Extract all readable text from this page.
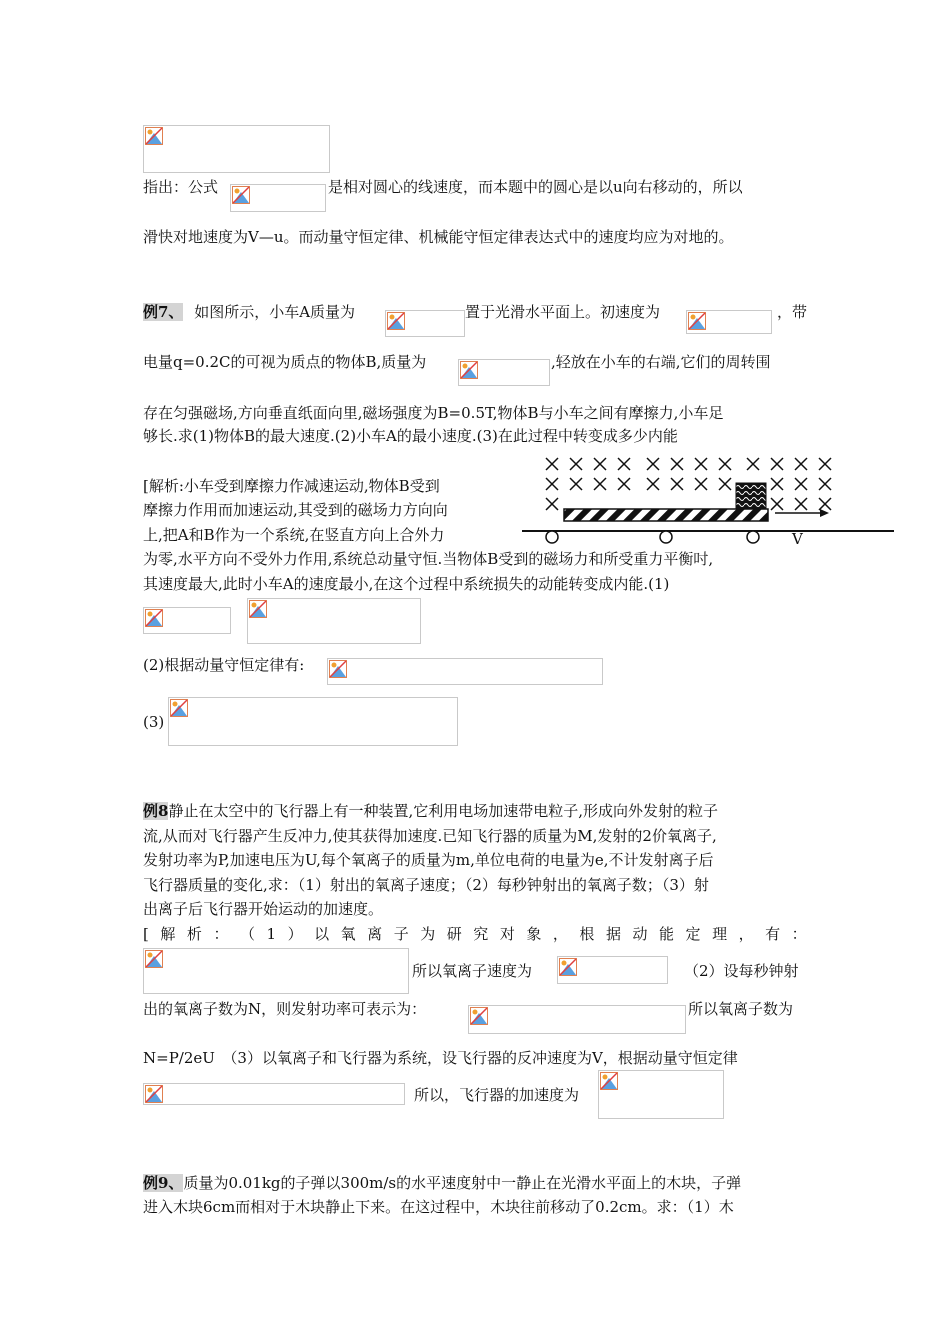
指出：公式	是相对圆心的线速度，而本题中的圆心是以u向右移动的，所以
滑快对地速度为V—u。而动量守恒定律、机械能守恒定律表达式中的速度均应为对地的。
例7、 如图所示，小车A质量为	置于光滑水平面上。初速度为	，带
电量q=0.2C的可视为质点的物体B,质量为	,轻放在小车的右端,它们的周转围
存在匀强磁场,方向垂直纸面向里,磁场强度为B=0.5T,物体B与小车之间有摩擦力,小车足
够长.求(1)物体B的最大速度.(2)小车A的最小速度.(3)在此过程中转变成多少内能
[解析:小车受到摩擦力作减速运动,物体B受到
摩擦力作用而加速运动,其受到的磁场力方向向
上,把A和B作为一个系统,在竖直方向上合外力
为零,水平方向不受外力作用,系统总动量守恒.当物体B受到的磁场力和所受重力平衡吋,
其速度最大,此时小车A的速度最小,在这个过程中系统损失的动能转变成内能.(1)
(2)根据动量守恒定律有:
(3)
V
例8静止在太空中的飞行器上有一种装置,它利用电场加速带电粒子,形成向外发射的粒子
流,从而对飞行器产生反冲力,使其获得加速度.已知飞行器的质量为M,发射的2价氧离子,
发射功率为P,加速电压为U,每个氧离子的质量为m,单位电荷的电量为e,不计发射离子后
飞行器质量的变化,求：（1）射出的氧离子速度；（2）每秒钟射出的氧离子数；（3）射
出离子后飞行器开始运动的加速度。
[ 解 析 ： （ 1 ） 以 氧 离 子 为 研 究 对 象 ， 根 据 动 能 定 理 ， 有 ：
所以氧离子速度为	（2）设每秒钟射
出的氧离子数为N，则发射功率可表示为：	所以氧离子数为
N=P/2eU　（3）以氧离子和飞行器为系统，设飞行器的反冲速度为V，根据动量守恒定律
所以，飞行器的加速度为
例9、质量为0.01kg的子弹以300m/s的水平速度射中一静止在光滑水平面上的木块，子弹
进入木块6cm而相对于木块静止下来。在这过程中，木块往前移动了0.2cm。求：（1）木
